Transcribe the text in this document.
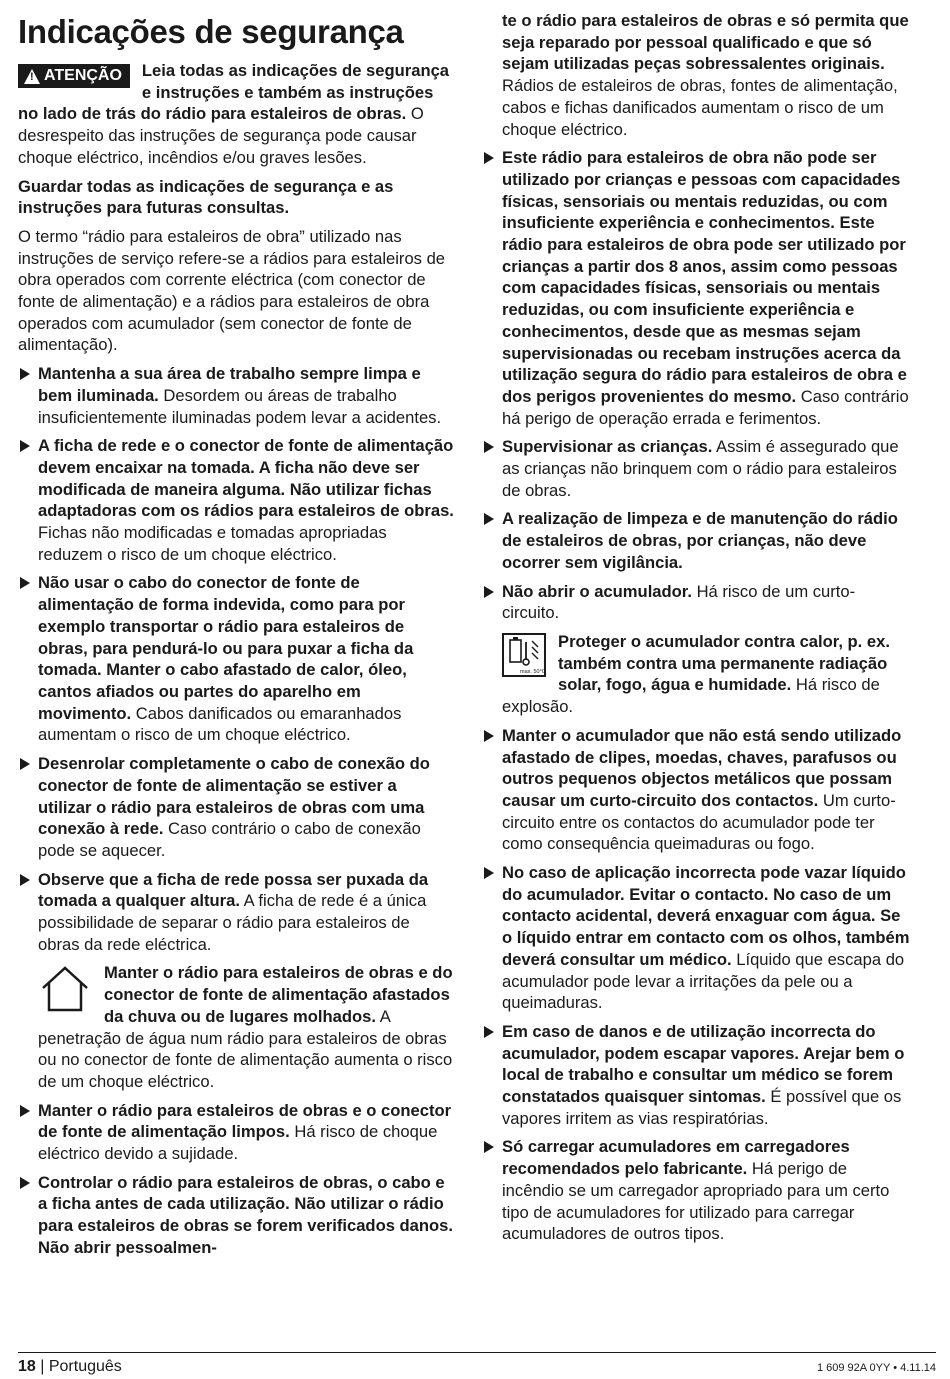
Indicações de segurança

! ATENÇÃO Leia todas as indicações de segurança e instruções e também as instruções no lado de trás do rádio para estaleiros de obras. O desrespeito das instruções de segurança pode causar choque eléctrico, incêndios e/ou graves lesões.

Guardar todas as indicações de segurança e as instruções para futuras consultas.

O termo “rádio para estaleiros de obra” utilizado nas instruções de serviço refere-se a rádios para estaleiros de obra operados com corrente eléctrica (com conector de fonte de alimentação) e a rádios para estaleiros de obra operados com acumulador (sem conector de fonte de alimentação).

Mantenha a sua área de trabalho sempre limpa e bem iluminada. Desordem ou áreas de trabalho insuficientemente iluminadas podem levar a acidentes.
A ficha de rede e o conector de fonte de alimentação devem encaixar na tomada. A ficha não deve ser modificada de maneira alguma. Não utilizar fichas adaptadoras com os rádios para estaleiros de obras. Fichas não modificadas e tomadas apropriadas reduzem o risco de um choque eléctrico.
Não usar o cabo do conector de fonte de alimentação de forma indevida, como para por exemplo transportar o rádio para estaleiros de obras, para pendurá-lo ou para puxar a ficha da tomada. Manter o cabo afastado de calor, óleo, cantos afiados ou partes do aparelho em movimento. Cabos danificados ou emaranhados aumentam o risco de um choque eléctrico.
Desenrolar completamente o cabo de conexão do conector de fonte de alimentação se estiver a utilizar o rádio para estaleiros de obras com uma conexão à rede. Caso contrário o cabo de conexão pode se aquecer.
Observe que a ficha de rede possa ser puxada da tomada a qualquer altura. A ficha de rede é a única possibilidade de separar o rádio para estaleiros de obras da rede eléctrica.
Manter o rádio para estaleiros de obras e do conector de fonte de alimentação afastados da chuva ou de lugares molhados. A penetração de água num rádio para estaleiros de obras ou no conector de fonte de alimentação aumenta o risco de um choque eléctrico.
Manter o rádio para estaleiros de obras e o conector de fonte de alimentação limpos. Há risco de choque eléctrico devido a sujidade.
Controlar o rádio para estaleiros de obras, o cabo e a ficha antes de cada utilização. Não utilizar o rádio para estaleiros de obras se forem verificados danos. Não abrir pessoalmen-

te o rádio para estaleiros de obras e só permita que seja reparado por pessoal qualificado e que só sejam utilizadas peças sobressalentes originais. Rádios de estaleiros de obras, fontes de alimentação, cabos e fichas danificados aumentam o risco de um choque eléctrico.

Este rádio para estaleiros de obra não pode ser utilizado por crianças e pessoas com capacidades físicas, sensoriais ou mentais reduzidas, ou com insuficiente experiência e conhecimentos. Este rádio para estaleiros de obra pode ser utilizado por crianças a partir dos 8 anos, assim como pessoas com capacidades físicas, sensoriais ou mentais reduzidas, ou com insuficiente experiência e conhecimentos, desde que as mesmas sejam supervisionadas ou recebam instruções acerca da utilização segura do rádio para estaleiros de obra e dos perigos provenientes do mesmo. Caso contrário há perigo de operação errada e ferimentos.
Supervisionar as crianças. Assim é assegurado que as crianças não brinquem com o rádio para estaleiros de obras.
A realização de limpeza e de manutenção do rádio de estaleiros de obras, por crianças, não deve ocorrer sem vigilância.
Não abrir o acumulador. Há risco de um curto-circuito.
max. 50°C
Proteger o acumulador contra calor, p. ex. também contra uma permanente radiação solar, fogo, água e humidade. Há risco de explosão.
Manter o acumulador que não está sendo utilizado afastado de clipes, moedas, chaves, parafusos ou outros pequenos objectos metálicos que possam causar um curto-circuito dos contactos. Um curto-circuito entre os contactos do acumulador pode ter como consequência queimaduras ou fogo.
No caso de aplicação incorrecta pode vazar líquido do acumulador. Evitar o contacto. No caso de um contacto acidental, deverá enxaguar com água. Se o líquido entrar em contacto com os olhos, também deverá consultar um médico. Líquido que escapa do acumulador pode levar a irritações da pele ou a queimaduras.
Em caso de danos e de utilização incorrecta do acumulador, podem escapar vapores. Arejar bem o local de trabalho e consultar um médico se forem constatados quaisquer sintomas. É possível que os vapores irritem as vias respiratórias.
Só carregar acumuladores em carregadores recomendados pelo fabricante. Há perigo de incêndio se um carregador apropriado para um certo tipo de acumuladores for utilizado para carregar acumuladores de outros tipos.
18 | Português	1 609 92A 0YY • 4.11.14
